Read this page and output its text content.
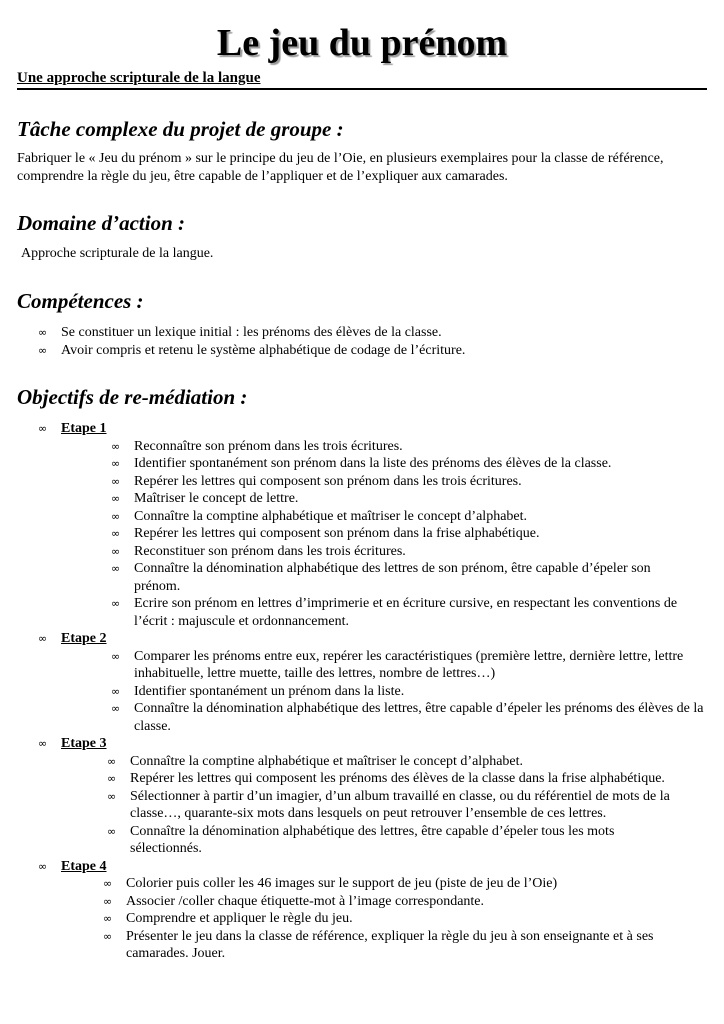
Le jeu du prénom
Une approche scripturale de la langue
Tâche complexe du projet de groupe :

Fabriquer le « Jeu du prénom » sur le principe du jeu de l’Oie, en plusieurs exemplaires pour la classe de référence, comprendre la règle du jeu, être capable de l’appliquer et de l’expliquer aux camarades.

Domaine d’action :

Approche scripturale de la langue.

Compétences :
∞ Se constituer un lexique initial : les prénoms des élèves de la classe.
∞ Avoir compris et retenu le système alphabétique de codage de l’écriture.
Objectifs de re-médiation :
∞ Etape 1
∞ Reconnaître son prénom dans les trois écritures.
∞ Identifier spontanément son prénom dans la liste des prénoms des élèves de la classe.
∞ Repérer les lettres qui composent son prénom dans les trois écritures.
∞ Maîtriser le concept de lettre.
∞ Connaître la comptine alphabétique et maîtriser le concept d’alphabet.
∞ Repérer les lettres qui composent son prénom dans la frise alphabétique.
∞ Reconstituer son prénom dans les trois écritures.
∞ Connaître la dénomination alphabétique des lettres de son prénom, être capable d’épeler son prénom.
∞ Ecrire son prénom en lettres d’imprimerie et en écriture cursive, en respectant les conventions de l’écrit : majuscule et ordonnancement.
∞ Etape 2
∞ Comparer les prénoms entre eux, repérer les caractéristiques (première lettre, dernière lettre, lettre inhabituelle, lettre muette, taille des lettres, nombre de lettres…)
∞ Identifier spontanément un prénom dans la liste.
∞ Connaître la dénomination alphabétique des lettres, être capable d’épeler les prénoms des élèves de la classe.
∞ Etape 3
∞ Connaître la comptine alphabétique et maîtriser le concept d’alphabet.
∞ Repérer les lettres qui composent les prénoms des élèves de la classe dans la frise alphabétique.
∞ Sélectionner à partir d’un imagier, d’un album travaillé en classe, ou du référentiel de mots de la classe…, quarante-six mots dans lesquels on peut retrouver l’ensemble de ces lettres.
∞ Connaître la dénomination alphabétique des lettres, être capable d’épeler tous les mots sélectionnés.
∞ Etape 4
∞ Colorier puis coller les 46 images sur le support de jeu (piste de jeu de l’Oie)
∞ Associer /coller chaque étiquette-mot à l’image correspondante.
∞ Comprendre et appliquer le règle du jeu.
∞ Présenter le jeu dans la classe de référence, expliquer la règle du jeu à son enseignante et à ses camarades. Jouer.
